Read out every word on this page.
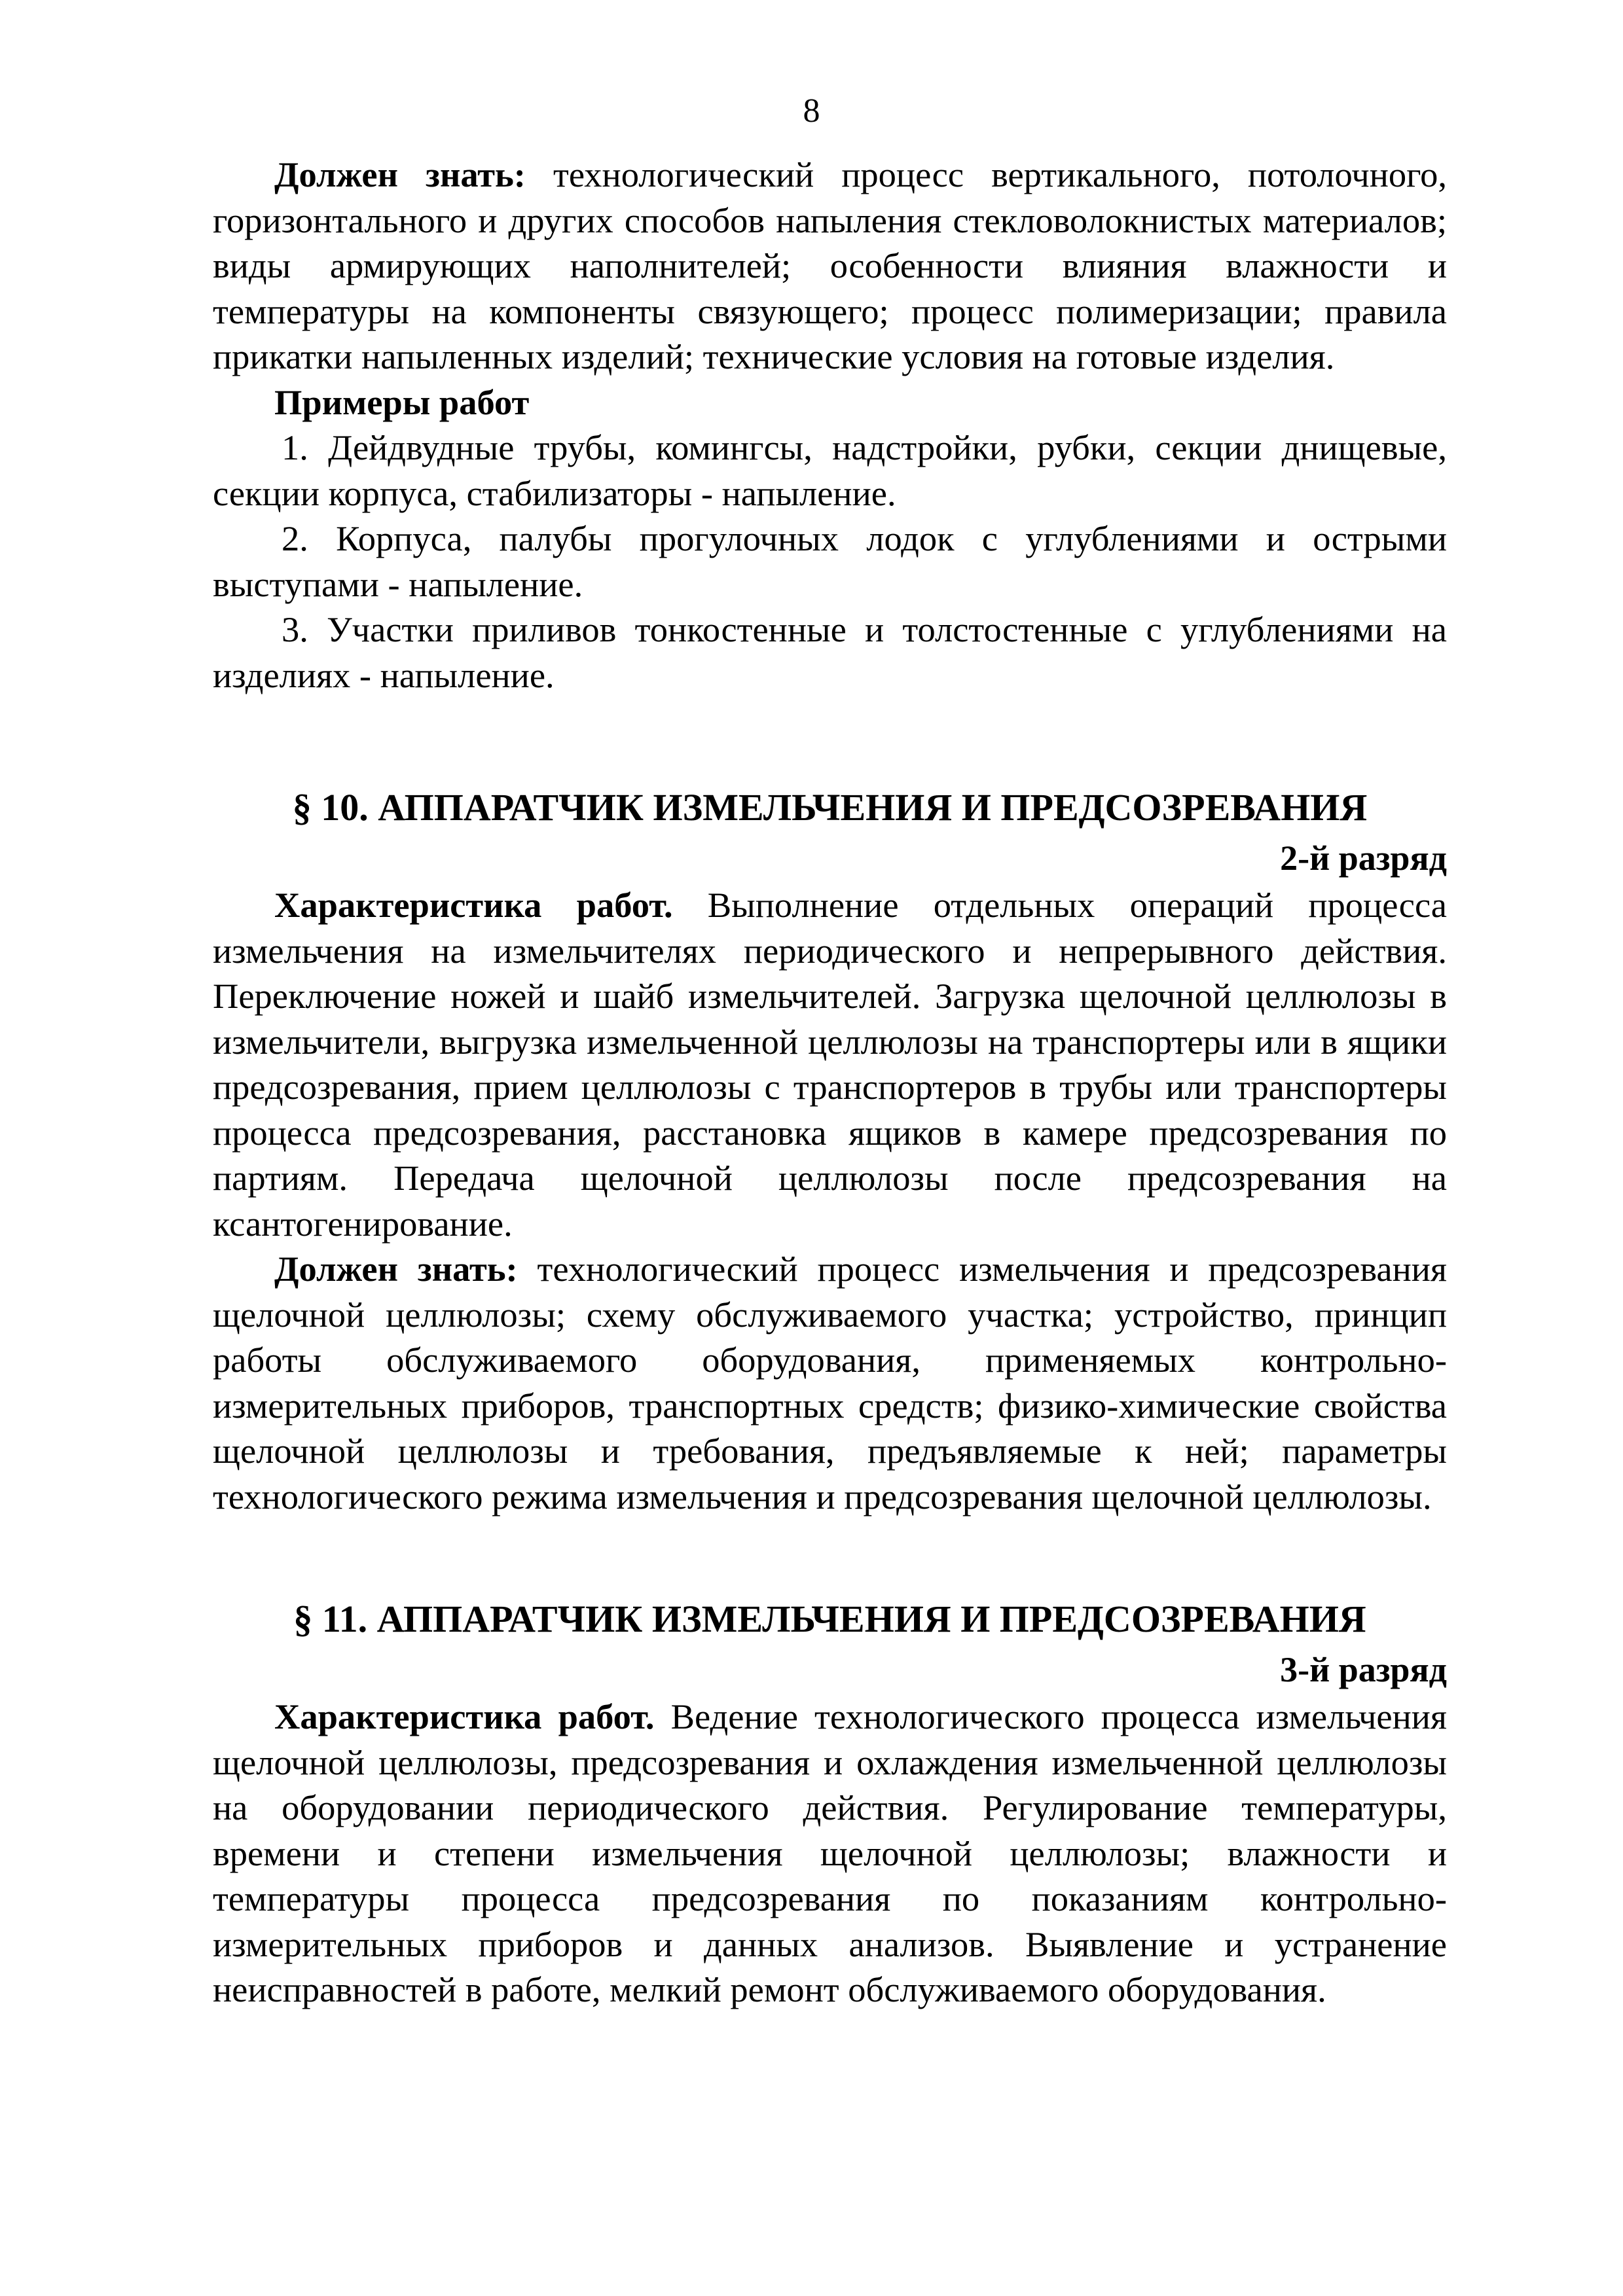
8

Должен знать: технологический процесс вертикального, потолочного, горизонтального и других способов напыления стекловолокнистых материалов; виды армирующих наполнителей; особенности влияния влажности и температуры на компоненты связующего; процесс полимеризации; правила прикатки напыленных изделий; технические условия на готовые изделия.

Примеры работ

1. Дейдвудные трубы, комингсы, надстройки, рубки, секции днищевые, секции корпуса, стабилизаторы - напыление.

2. Корпуса, палубы прогулочных лодок с углублениями и острыми выступами - напыление.

3. Участки приливов тонкостенные и толстостенные с углублениями на изделиях - напыление.

§ 10. АППАРАТЧИК ИЗМЕЛЬЧЕНИЯ И ПРЕДСОЗРЕВАНИЯ
2-й разряд

Характеристика работ. Выполнение отдельных операций процесса измельчения на измельчителях периодического и непрерывного действия. Переключение ножей и шайб измельчителей. Загрузка щелочной целлюлозы в измельчители, выгрузка измельченной целлюлозы на транспортеры или в ящики предсозревания, прием целлюлозы с транспортеров в трубы или транспортеры процесса предсозревания, расстановка ящиков в камере предсозревания по партиям. Передача щелочной целлюлозы после предсозревания на ксантогенирование.

Должен знать: технологический процесс измельчения и предсозревания щелочной целлюлозы; схему обслуживаемого участка; устройство, принцип работы обслуживаемого оборудования, применяемых контрольно-измерительных приборов, транспортных средств; физико-химические свойства щелочной целлюлозы и требования, предъявляемые к ней; параметры технологического режима измельчения и предсозревания щелочной целлюлозы.

§ 11. АППАРАТЧИК ИЗМЕЛЬЧЕНИЯ И ПРЕДСОЗРЕВАНИЯ
3-й разряд

Характеристика работ. Ведение технологического процесса измельчения щелочной целлюлозы, предсозревания и охлаждения измельченной целлюлозы на оборудовании периодического действия. Регулирование температуры, времени и степени измельчения щелочной целлюлозы; влажности и температуры процесса предсозревания по показаниям контрольно-измерительных приборов и данных анализов. Выявление и устранение неисправностей в работе, мелкий ремонт обслуживаемого оборудования.
